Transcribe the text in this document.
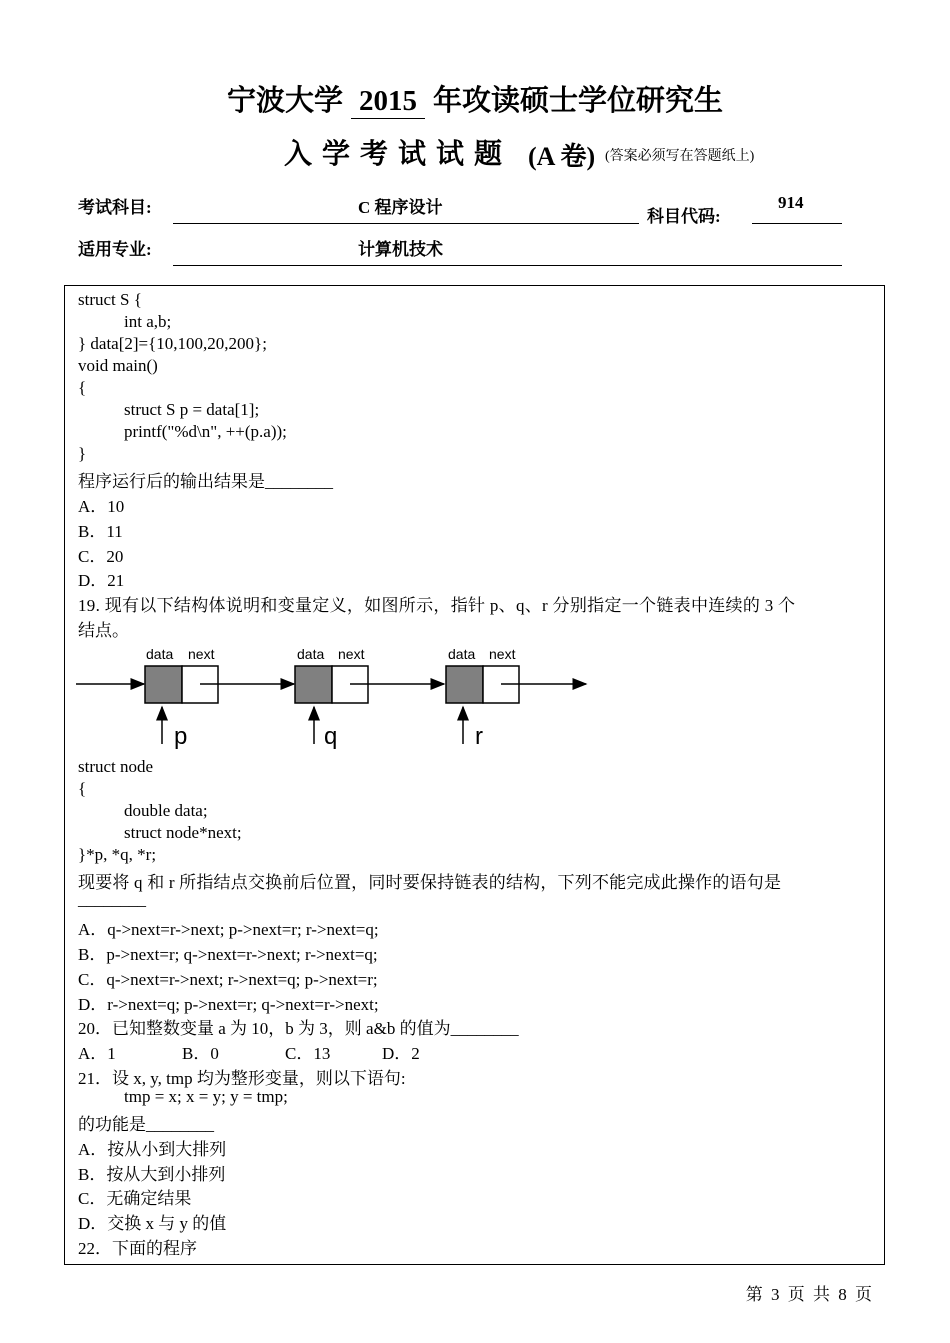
宁波大学 2015 年攻读硕士学位研究生
入学考试试题 (A 卷) (答案必须写在答题纸上)
考试科目:	C 程序设计	科目代码:
914
适用专业:	计算机技术
struct S {
int a,b;
} data[2]={10,100,20,200};
void main()
{
struct S p = data[1];
printf("%d\n", ++(p.a));
}
程序运行后的输出结果是________
A．10
B．11
C．20
D．21
19. 现有以下结构体说明和变量定义，如图所示，指针 p、q、r 分别指定一个链表中连续的 3 个
结点。
data next	data next	data next
p	q	r
struct node
{
double data;
struct node*next;
}*p, *q, *r;
现要将 q 和 r 所指结点交换前后位置，同时要保持链表的结构，下列不能完成此操作的语句是
________
A．q->next=r->next; p->next=r; r->next=q;
B．p->next=r; q->next=r->next; r->next=q;
C．q->next=r->next; r->next=q; p->next=r;
D．r->next=q; p->next=r; q->next=r->next;
20．已知整数变量 a 为 10，b 为 3，则 a&b 的值为________
A．1	B．0	C．13	D．2
21．设 x, y, tmp 均为整形变量，则以下语句:
tmp = x; x = y; y = tmp;
的功能是________
A．按从小到大排列
B．按从大到小排列
C．无确定结果
D．交换 x 与 y 的值
22．下面的程序
第 3 页 共 8 页
